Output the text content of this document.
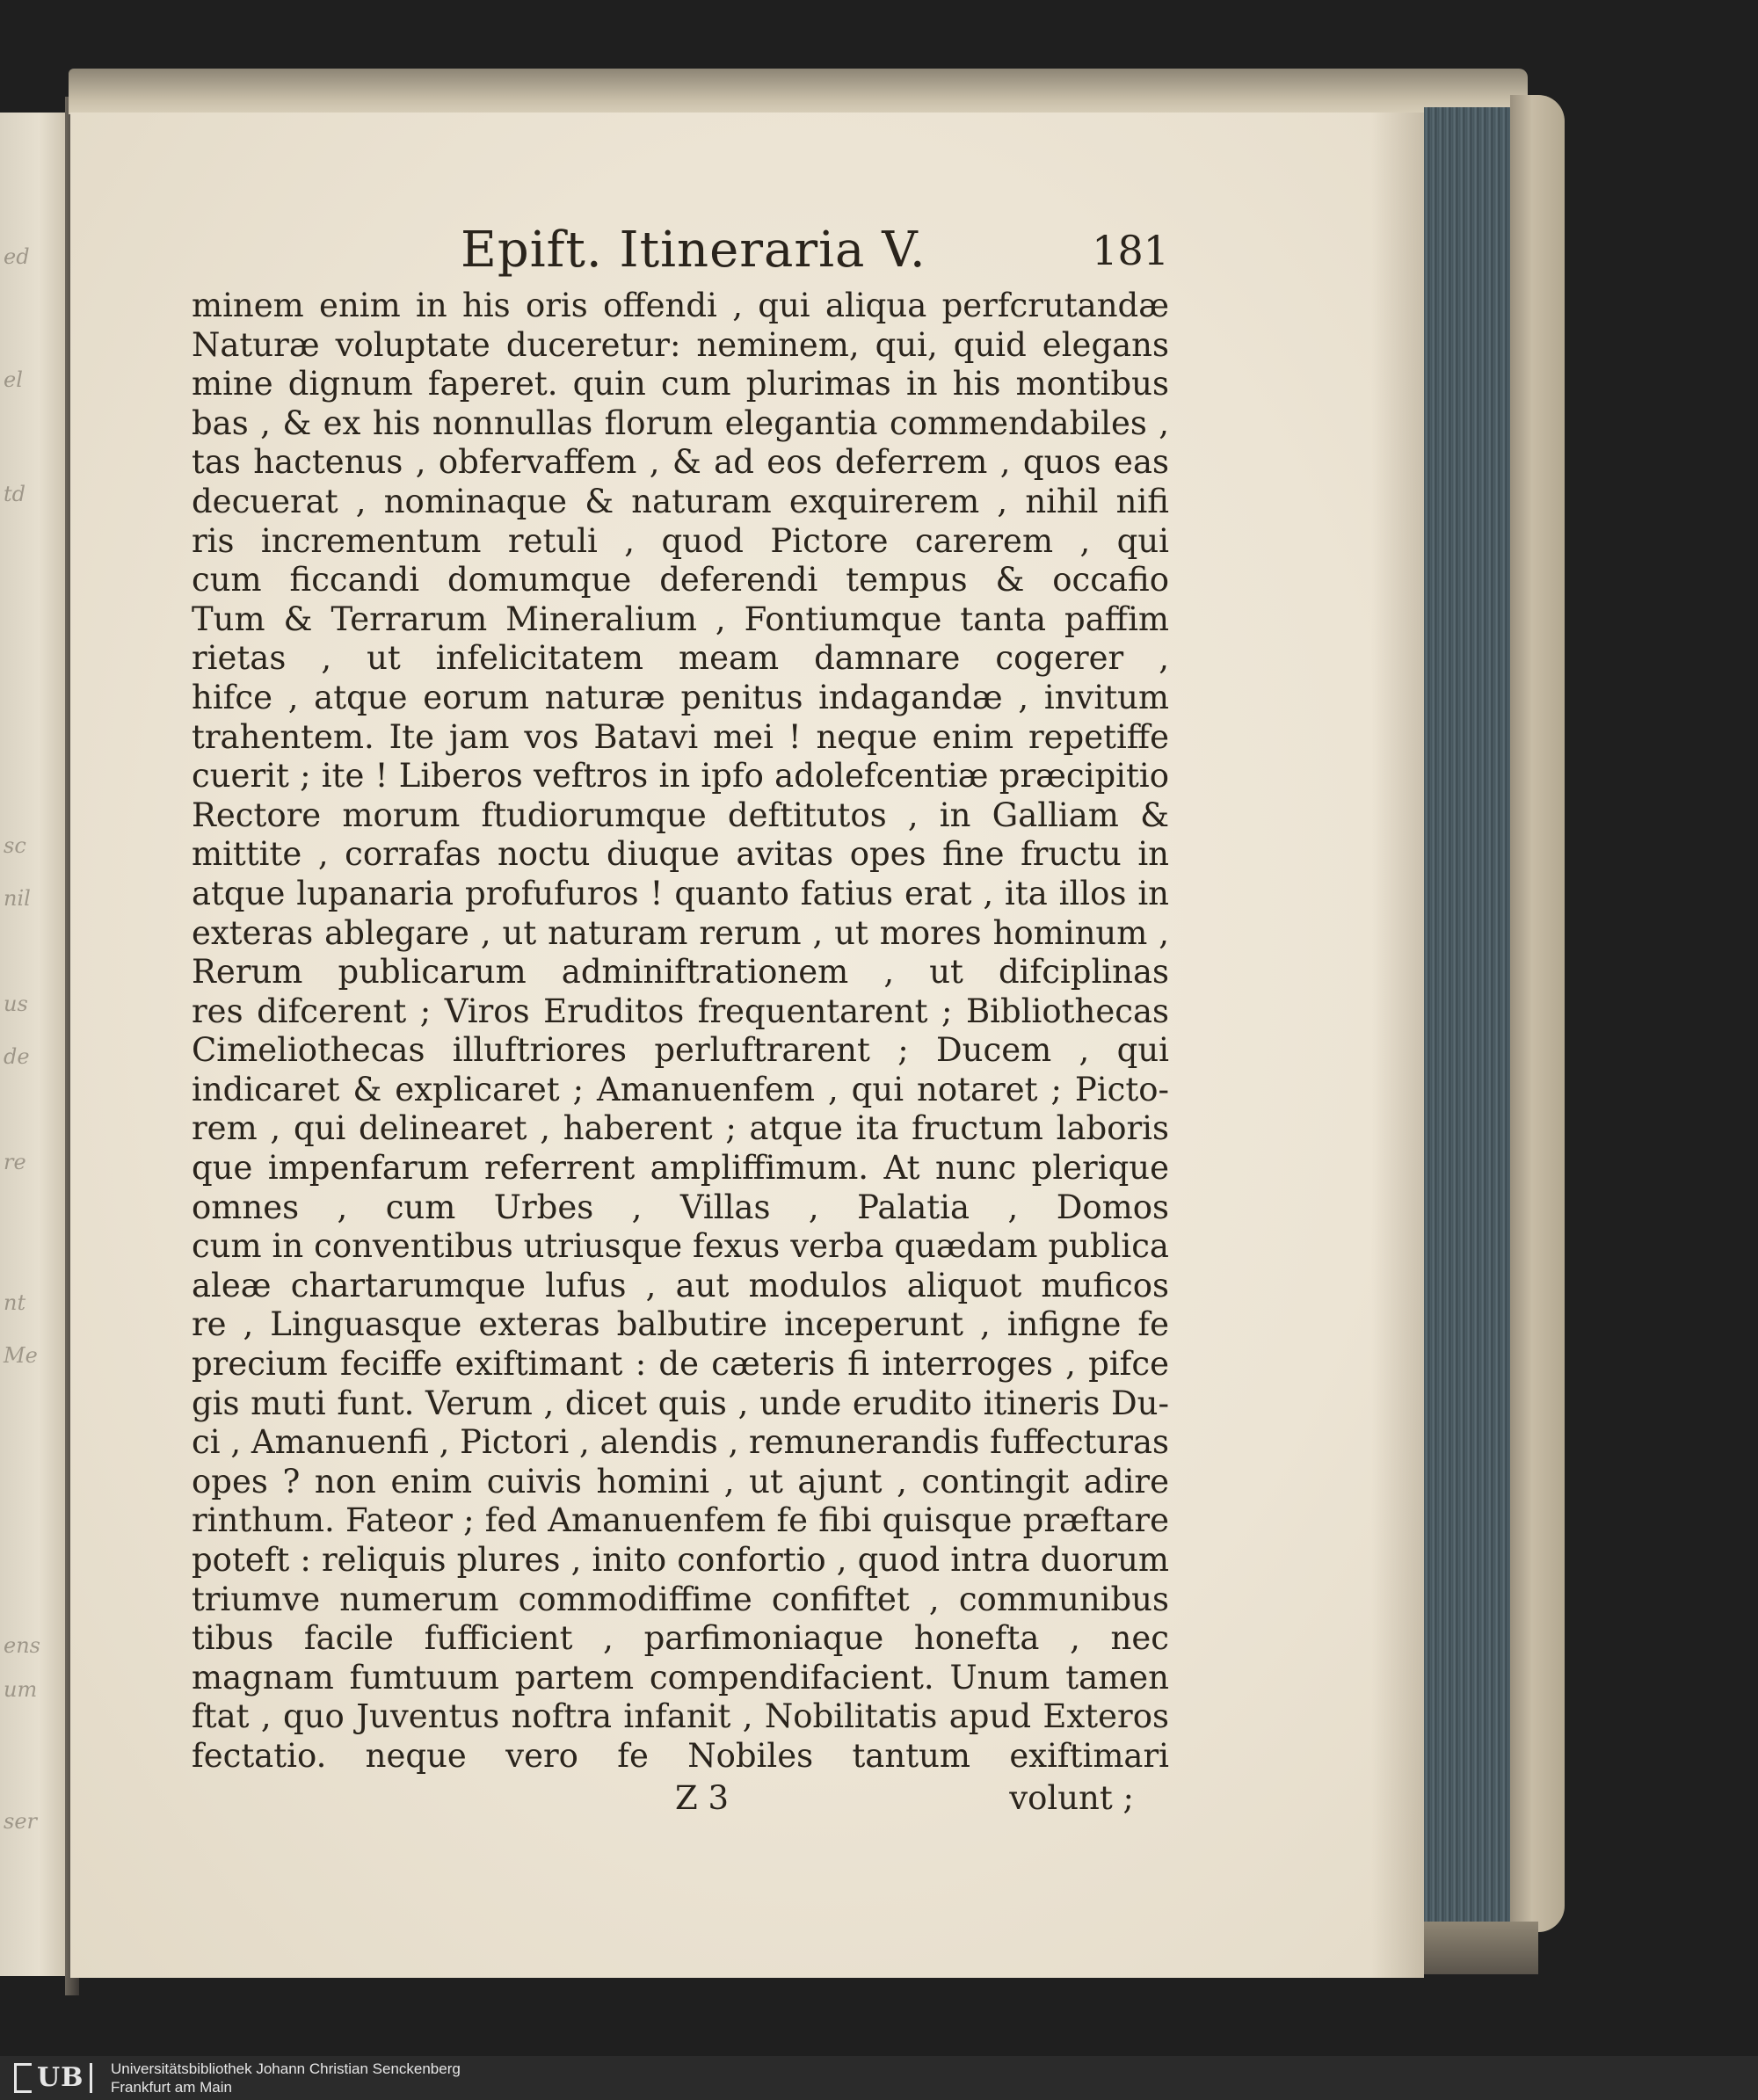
ed
el
td
sc
nil
us
de
re
nt
Me
ens
ser
um
Epift. Itineraria V.	181
minem enim in his oris offendi , qui aliqua perfcrutandæ
Naturæ voluptate duceretur: neminem, qui, quid elegans
mine dignum faperet. quin cum plurimas in his montibus
bas , & ex his nonnullas florum elegantia commendabiles ,
tas hactenus , obfervaffem , & ad eos deferrem , quos eas
decuerat , nominaque & naturam exquirerem , nihil nifi
ris incrementum retuli , quod Pictore carerem , qui
cum ficcandi domumque deferendi tempus & occafio
Tum & Terrarum Mineralium , Fontiumque tanta paffim
rietas , ut infelicitatem meam damnare cogerer ,
hifce , atque eorum naturæ penitus indagandæ , invitum
trahentem. Ite jam vos Batavi mei ! neque enim repetiffe
cuerit ; ite ! Liberos veftros in ipfo adolefcentiæ præcipitio
Rectore morum ftudiorumque deftitutos , in Galliam &
mittite , corrafas noctu diuque avitas opes fine fructu in
atque lupanaria profufuros ! quanto fatius erat , ita illos in
exteras ablegare , ut naturam rerum , ut mores hominum ,
Rerum publicarum adminiftrationem , ut difciplinas
res difcerent ; Viros Eruditos frequentarent ; Bibliothecas
Cimeliothecas illuftriores perluftrarent ; Ducem , qui
indicaret & explicaret ; Amanuenfem , qui notaret ; Picto-
rem , qui delinearet , haberent ; atque ita fructum laboris
que impenfarum referrent ampliffimum. At nunc plerique
omnes , cum Urbes , Villas , Palatia , Domos
cum in conventibus utriusque fexus verba quædam publica
aleæ chartarumque lufus , aut modulos aliquot muficos
re , Linguasque exteras balbutire inceperunt , infigne fe
precium feciffe exiftimant : de cæteris fi interroges , pifce
gis muti funt. Verum , dicet quis , unde erudito itineris Du-
ci , Amanuenfi , Pictori , alendis , remunerandis fuffecturas
opes ? non enim cuivis homini , ut ajunt , contingit adire
rinthum. Fateor ; fed Amanuenfem fe fibi quisque præftare
poteft : reliquis plures , inito confortio , quod intra duorum
triumve numerum commodiffime confiftet , communibus
tibus facile fufficient , parfimoniaque honefta , nec
magnam fumtuum partem compendifacient. Unum tamen
ftat , quo Juventus noftra infanit , Nobilitatis apud Exteros
fectatio. neque vero fe Nobiles tantum exiftimari
Z 3	volunt ;
UB	Universitätsbibliothek Johann Christian Senckenberg
Frankfurt am Main
